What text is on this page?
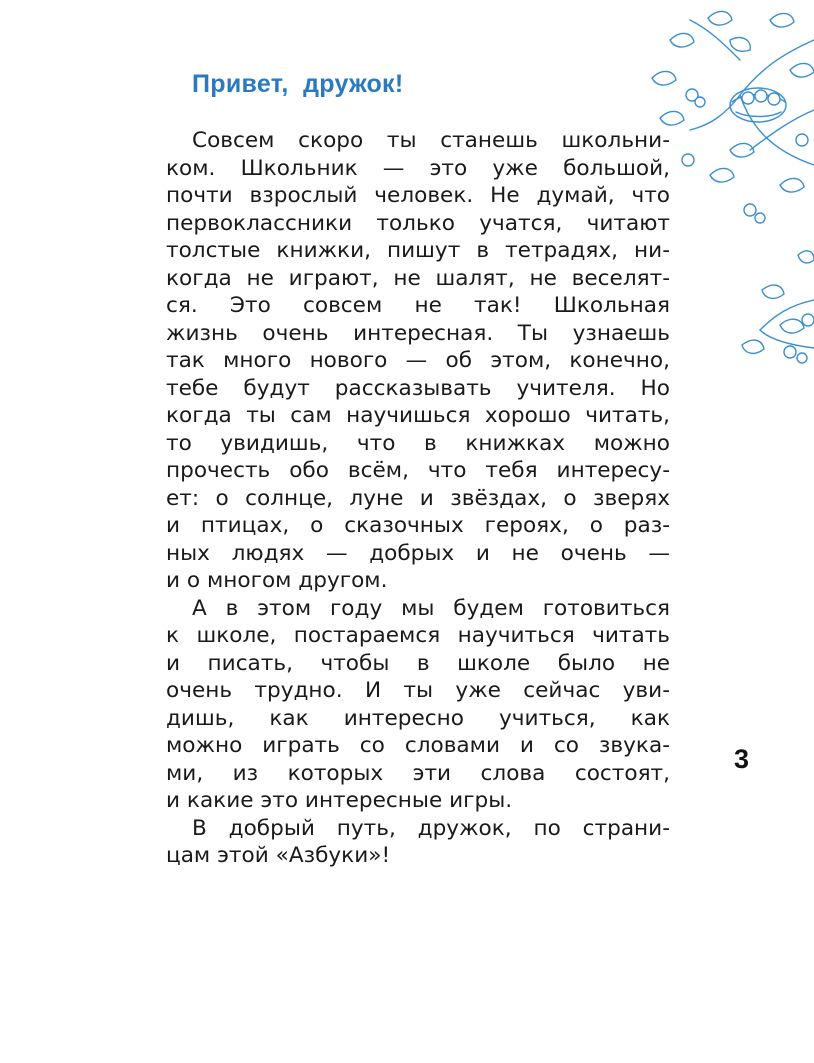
Привет,  дружок!
Совсем скоро ты станешь школьни-
ком. Школьник — это уже большой,
почти взрослый человек. Не думай, что
первоклассники только учатся, читают
толстые книжки, пишут в тетрадях, ни-
когда не играют, не шалят, не веселят-
ся. Это совсем не так! Школьная
жизнь очень интересная. Ты узнаешь
так много нового — об этом, конечно,
тебе будут рассказывать учителя. Но
когда ты сам научишься хорошо читать,
то увидишь, что в книжках можно
прочесть обо всём, что тебя интересу-
ет: о солнце, луне и звёздах, о зверях
и птицах, о сказочных героях, о раз-
ных людях — добрых и не очень —
и о многом другом.
А в этом году мы будем готовиться
к школе, постараемся научиться читать
и писать, чтобы в школе было не
очень трудно. И ты уже сейчас уви-
дишь, как интересно учиться, как
можно играть со словами и со звука-
ми, из которых эти слова состоят,
и какие это интересные игры.
В добрый путь, дружок, по страни-
цам этой «Азбуки»!
3
